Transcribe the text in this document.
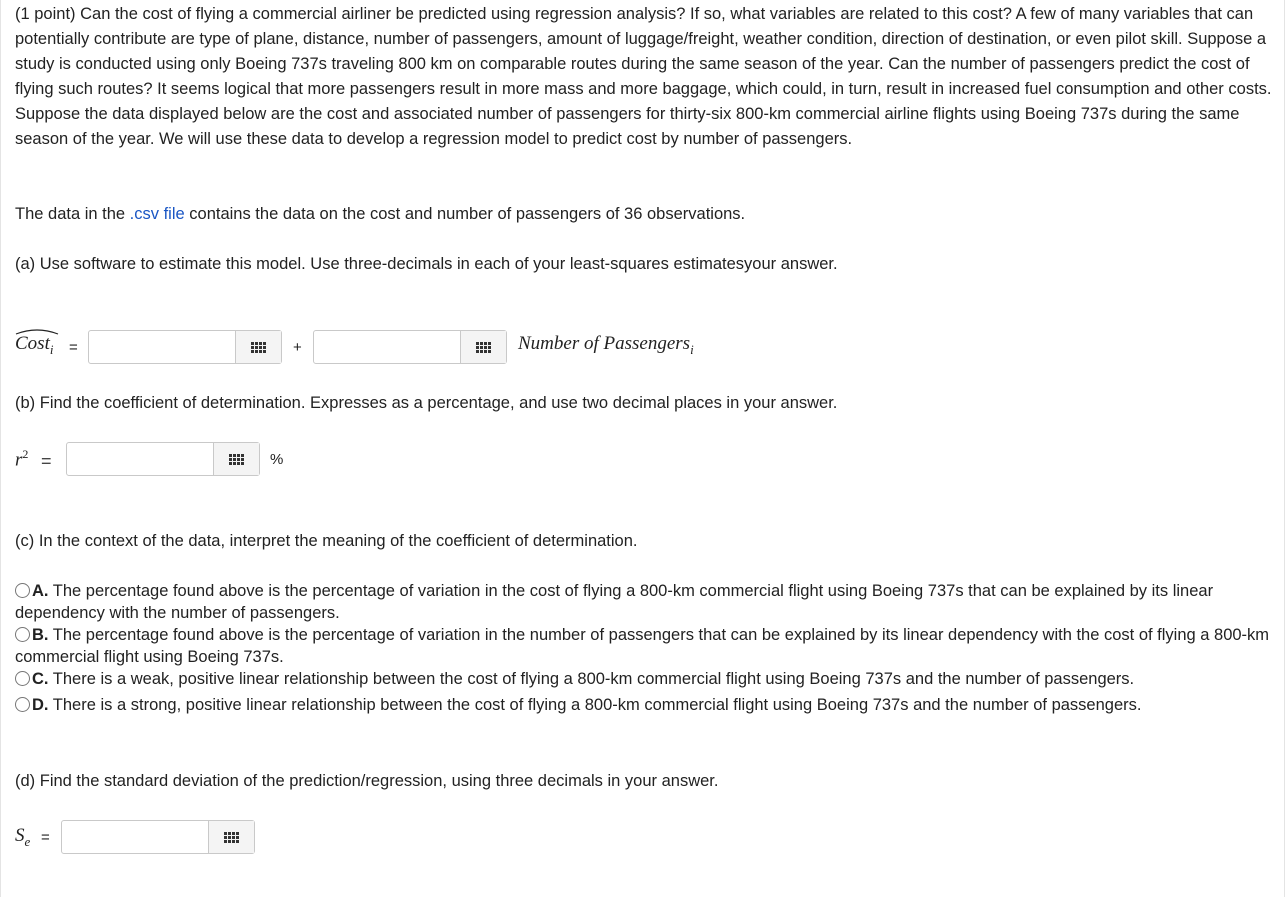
(1 point) Can the cost of flying a commercial airliner be predicted using regression analysis? If so, what variables are related to this cost? A few of many variables that can potentially contribute are type of plane, distance, number of passengers, amount of luggage/freight, weather condition, direction of destination, or even pilot skill. Suppose a study is conducted using only Boeing 737s traveling 800 km on comparable routes during the same season of the year. Can the number of passengers predict the cost of flying such routes? It seems logical that more passengers result in more mass and more baggage, which could, in turn, result in increased fuel consumption and other costs. Suppose the data displayed below are the cost and associated number of passengers for thirty-six 800-km commercial airline flights using Boeing 737s during the same season of the year. We will use these data to develop a regression model to predict cost by number of passengers.

The data in the .csv file contains the data on the cost and number of passengers of 36 observations.

(a) Use software to estimate this model. Use three-decimals in each of your least-squares estimatesyour answer.

Cost$_i$ =	+	Number of Passengers$_i$

(b) Find the coefficient of determination. Expresses as a percentage, and use two decimal places in your answer.

$r^2$ =	%

(c) In the context of the data, interpret the meaning of the coefficient of determination.

A. The percentage found above is the percentage of variation in the cost of flying a 800-km commercial flight using Boeing 737s that can be explained by its linear dependency with the number of passengers.
B. The percentage found above is the percentage of variation in the number of passengers that can be explained by its linear dependency with the cost of flying a 800-km commercial flight using Boeing 737s.
C. There is a weak, positive linear relationship between the cost of flying a 800-km commercial flight using Boeing 737s and the number of passengers.
D. There is a strong, positive linear relationship between the cost of flying a 800-km commercial flight using Boeing 737s and the number of passengers.

(d) Find the standard deviation of the prediction/regression, using three decimals in your answer.

$S_e$ =
